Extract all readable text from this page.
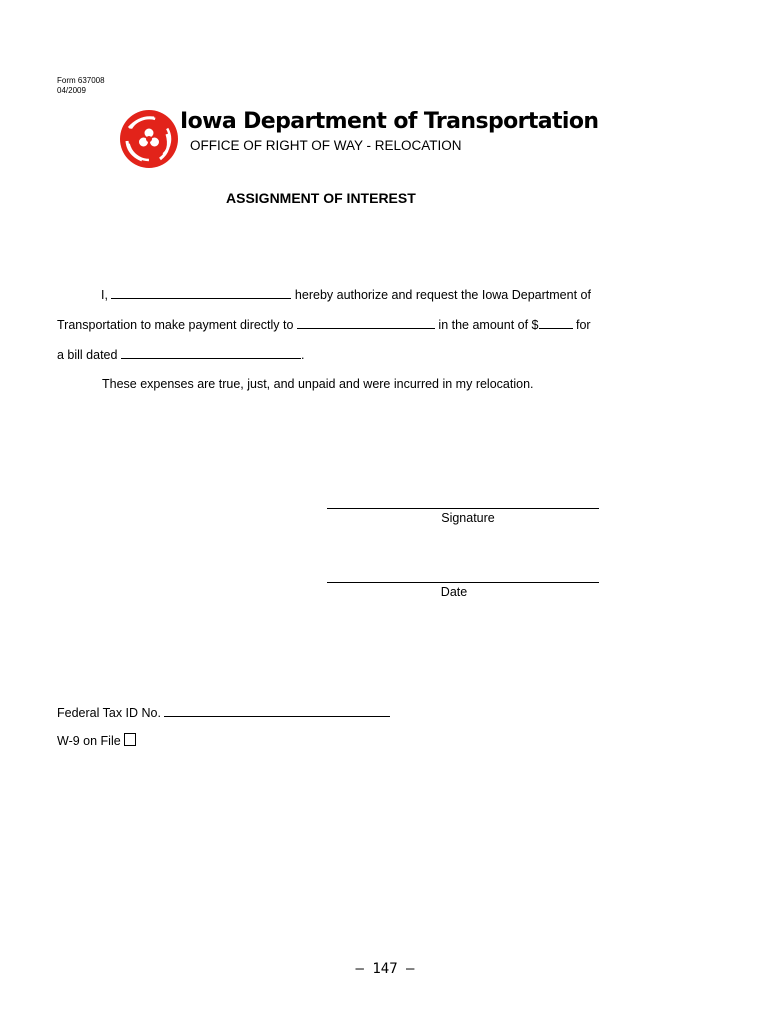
Form 637008
04/2009
Iowa Department of Transportation
OFFICE OF RIGHT OF WAY - RELOCATION
ASSIGNMENT OF INTEREST
I,	hereby authorize and request the Iowa Department of
Transportation to make payment directly to	in the amount of $	for
a bill dated	.
These expenses are true, just, and unpaid and were incurred in my relocation.
Signature
Date
Federal Tax ID No.
W-9 on File
– 147 –
